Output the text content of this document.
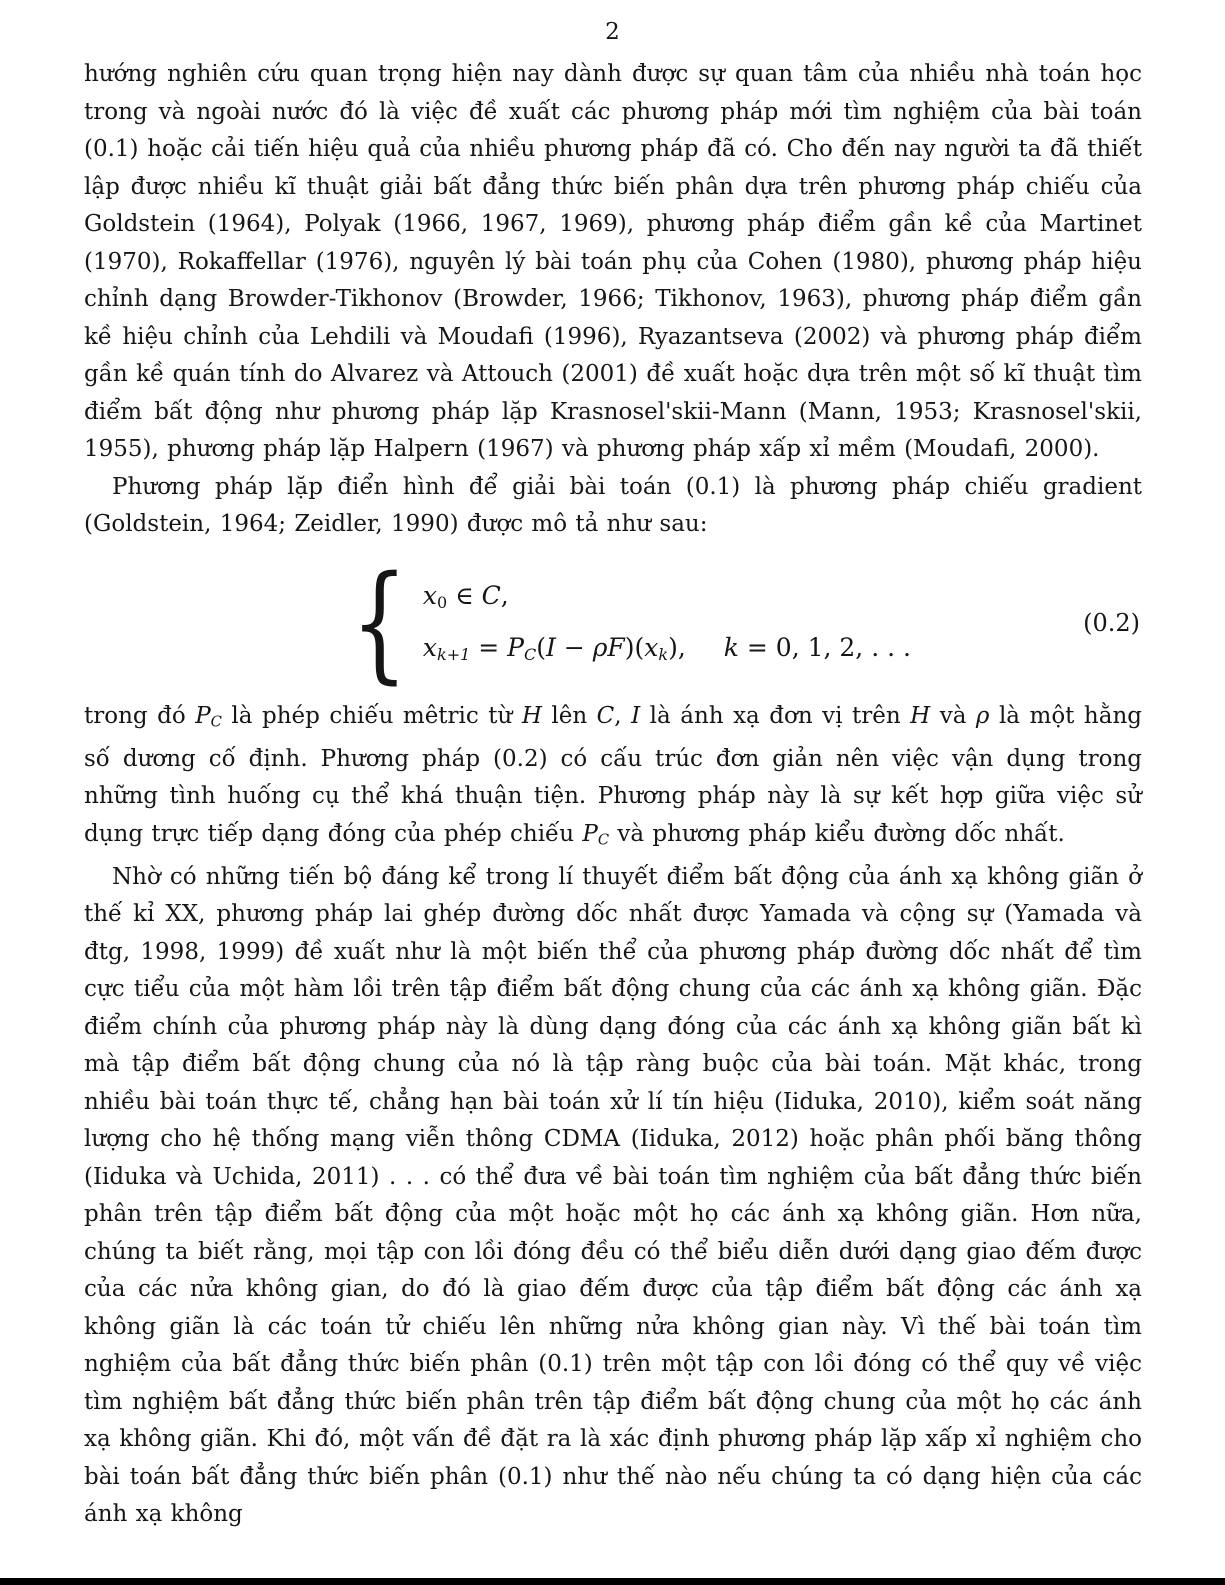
2

hướng nghiên cứu quan trọng hiện nay dành được sự quan tâm của nhiều nhà toán học trong và ngoài nước đó là việc đề xuất các phương pháp mới tìm nghiệm của bài toán (0.1) hoặc cải tiến hiệu quả của nhiều phương pháp đã có. Cho đến nay người ta đã thiết lập được nhiều kĩ thuật giải bất đẳng thức biến phân dựa trên phương pháp chiếu của Goldstein (1964), Polyak (1966, 1967, 1969), phương pháp điểm gần kề của Martinet (1970), Rokaffellar (1976), nguyên lý bài toán phụ của Cohen (1980), phương pháp hiệu chỉnh dạng Browder-Tikhonov (Browder, 1966; Tikhonov, 1963), phương pháp điểm gần kề hiệu chỉnh của Lehdili và Moudafi (1996), Ryazantseva (2002) và phương pháp điểm gần kề quán tính do Alvarez và Attouch (2001) đề xuất hoặc dựa trên một số kĩ thuật tìm điểm bất động như phương pháp lặp Krasnosel'skii-Mann (Mann, 1953; Krasnosel'skii, 1955), phương pháp lặp Halpern (1967) và phương pháp xấp xỉ mềm (Moudafi, 2000).

Phương pháp lặp điển hình để giải bài toán (0.1) là phương pháp chiếu gradient (Goldstein, 1964; Zeidler, 1990) được mô tả như sau:

{ x0 ∈ C,
xk+1 = PC(I − ρF)(xk), k = 0, 1, 2, . . .
(0.2)

trong đó PC là phép chiếu mêtric từ H lên C, I là ánh xạ đơn vị trên H và ρ là một hằng số dương cố định. Phương pháp (0.2) có cấu trúc đơn giản nên việc vận dụng trong những tình huống cụ thể khá thuận tiện. Phương pháp này là sự kết hợp giữa việc sử dụng trực tiếp dạng đóng của phép chiếu PC và phương pháp kiểu đường dốc nhất.

Nhờ có những tiến bộ đáng kể trong lí thuyết điểm bất động của ánh xạ không giãn ở thế kỉ XX, phương pháp lai ghép đường dốc nhất được Yamada và cộng sự (Yamada và đtg, 1998, 1999) đề xuất như là một biến thể của phương pháp đường dốc nhất để tìm cực tiểu của một hàm lồi trên tập điểm bất động chung của các ánh xạ không giãn. Đặc điểm chính của phương pháp này là dùng dạng đóng của các ánh xạ không giãn bất kì mà tập điểm bất động chung của nó là tập ràng buộc của bài toán. Mặt khác, trong nhiều bài toán thực tế, chẳng hạn bài toán xử lí tín hiệu (Iiduka, 2010), kiểm soát năng lượng cho hệ thống mạng viễn thông CDMA (Iiduka, 2012) hoặc phân phối băng thông (Iiduka và Uchida, 2011) . . . có thể đưa về bài toán tìm nghiệm của bất đẳng thức biến phân trên tập điểm bất động của một hoặc một họ các ánh xạ không giãn. Hơn nữa, chúng ta biết rằng, mọi tập con lồi đóng đều có thể biểu diễn dưới dạng giao đếm được của các nửa không gian, do đó là giao đếm được của tập điểm bất động các ánh xạ không giãn là các toán tử chiếu lên những nửa không gian này. Vì thế bài toán tìm nghiệm của bất đẳng thức biến phân (0.1) trên một tập con lồi đóng có thể quy về việc tìm nghiệm bất đẳng thức biến phân trên tập điểm bất động chung của một họ các ánh xạ không giãn. Khi đó, một vấn đề đặt ra là xác định phương pháp lặp xấp xỉ nghiệm cho bài toán bất đẳng thức biến phân (0.1) như thế nào nếu chúng ta có dạng hiện của các ánh xạ không
